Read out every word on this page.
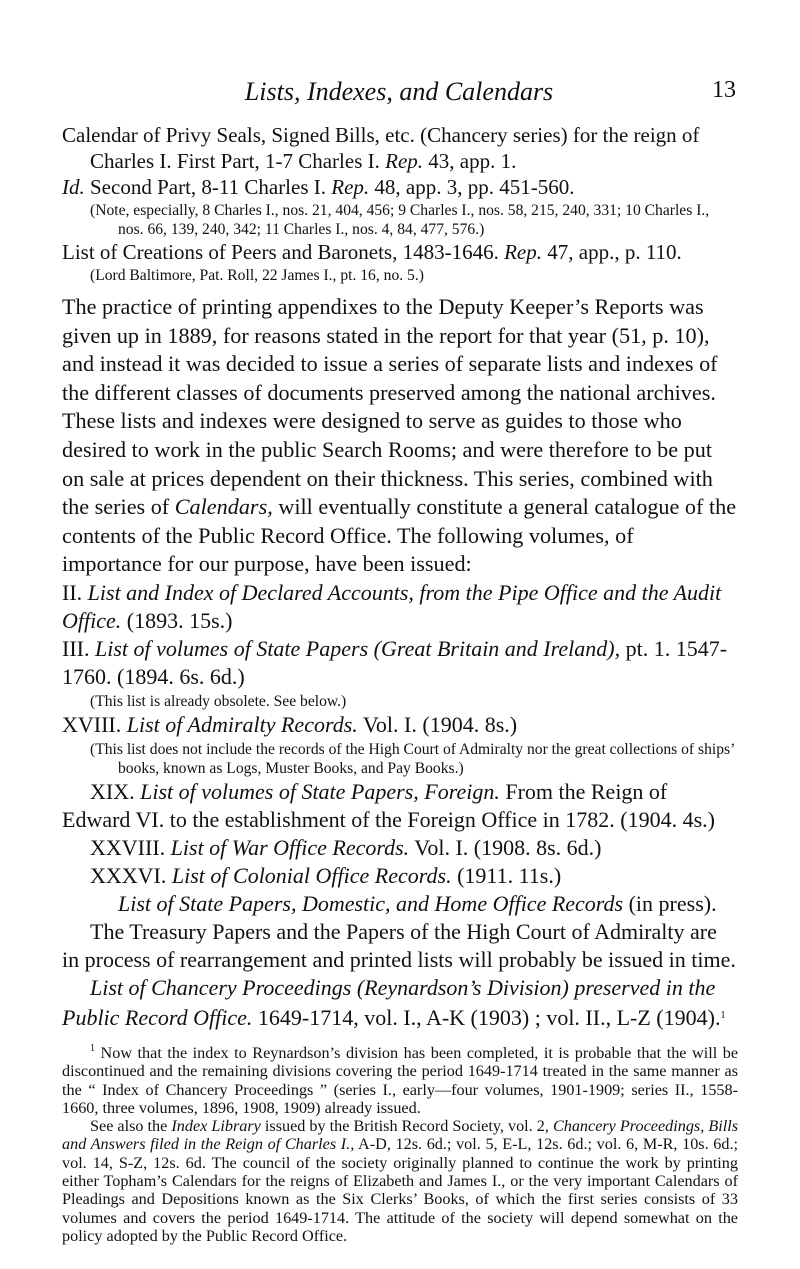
Lists, Indexes, and Calendars	13

Calendar of Privy Seals, Signed Bills, etc. (Chancery series) for the reign of Charles I. First Part, 1-7 Charles I. Rep. 43, app. 1.

Id. Second Part, 8-11 Charles I. Rep. 48, app. 3, pp. 451-560.

(Note, especially, 8 Charles I., nos. 21, 404, 456; 9 Charles I., nos. 58, 215, 240, 331; 10 Charles I., nos. 66, 139, 240, 342; 11 Charles I., nos. 4, 84, 477, 576.)

List of Creations of Peers and Baronets, 1483-1646. Rep. 47, app., p. 110.

(Lord Baltimore, Pat. Roll, 22 James I., pt. 16, no. 5.)

The practice of printing appendixes to the Deputy Keeper’s Reports was given up in 1889, for reasons stated in the report for that year (51, p. 10), and instead it was decided to issue a series of separate lists and indexes of the different classes of documents preserved among the national archives. These lists and indexes were designed to serve as guides to those who desired to work in the public Search Rooms; and were therefore to be put on sale at prices dependent on their thickness. This series, combined with the series of Calendars, will eventually constitute a general catalogue of the contents of the Public Record Office. The following volumes, of importance for our purpose, have been issued:

II. List and Index of Declared Accounts, from the Pipe Office and the Audit Office. (1893. 15s.)

III. List of volumes of State Papers (Great Britain and Ireland), pt. 1. 1547-1760. (1894. 6s. 6d.)

(This list is already obsolete. See below.)

XVIII. List of Admiralty Records. Vol. I. (1904. 8s.)

(This list does not include the records of the High Court of Admiralty nor the great collections of ships’ books, known as Logs, Muster Books, and Pay Books.)

XIX. List of volumes of State Papers, Foreign. From the Reign of Edward VI. to the establishment of the Foreign Office in 1782. (1904. 4s.)

XXVIII. List of War Office Records. Vol. I. (1908. 8s. 6d.)

XXXVI. List of Colonial Office Records. (1911. 11s.)

List of State Papers, Domestic, and Home Office Records (in press).

The Treasury Papers and the Papers of the High Court of Admiralty are in process of rearrangement and printed lists will probably be issued in time.

List of Chancery Proceedings (Reynardson’s Division) preserved in the Public Record Office. 1649-1714, vol. I., A-K (1903) ; vol. II., L-Z (1904).$^1$

$^1$ Now that the index to Reynardson’s division has been completed, it is probable that the will be discontinued and the remaining divisions covering the period 1649-1714 treated in the same manner as the “ Index of Chancery Proceedings ” (series I., early—four volumes, 1901-1909; series II., 1558-1660, three volumes, 1896, 1908, 1909) already issued.

See also the Index Library issued by the British Record Society, vol. 2, Chancery Proceedings, Bills and Answers filed in the Reign of Charles I., A-D, 12s. 6d.; vol. 5, E-L, 12s. 6d.; vol. 6, M-R, 10s. 6d.; vol. 14, S-Z, 12s. 6d. The council of the society originally planned to continue the work by printing either Topham’s Calendars for the reigns of Elizabeth and James I., or the very important Calendars of Pleadings and Depositions known as the Six Clerks’ Books, of which the first series consists of 33 volumes and covers the period 1649-1714. The attitude of the society will depend somewhat on the policy adopted by the Public Record Office.
